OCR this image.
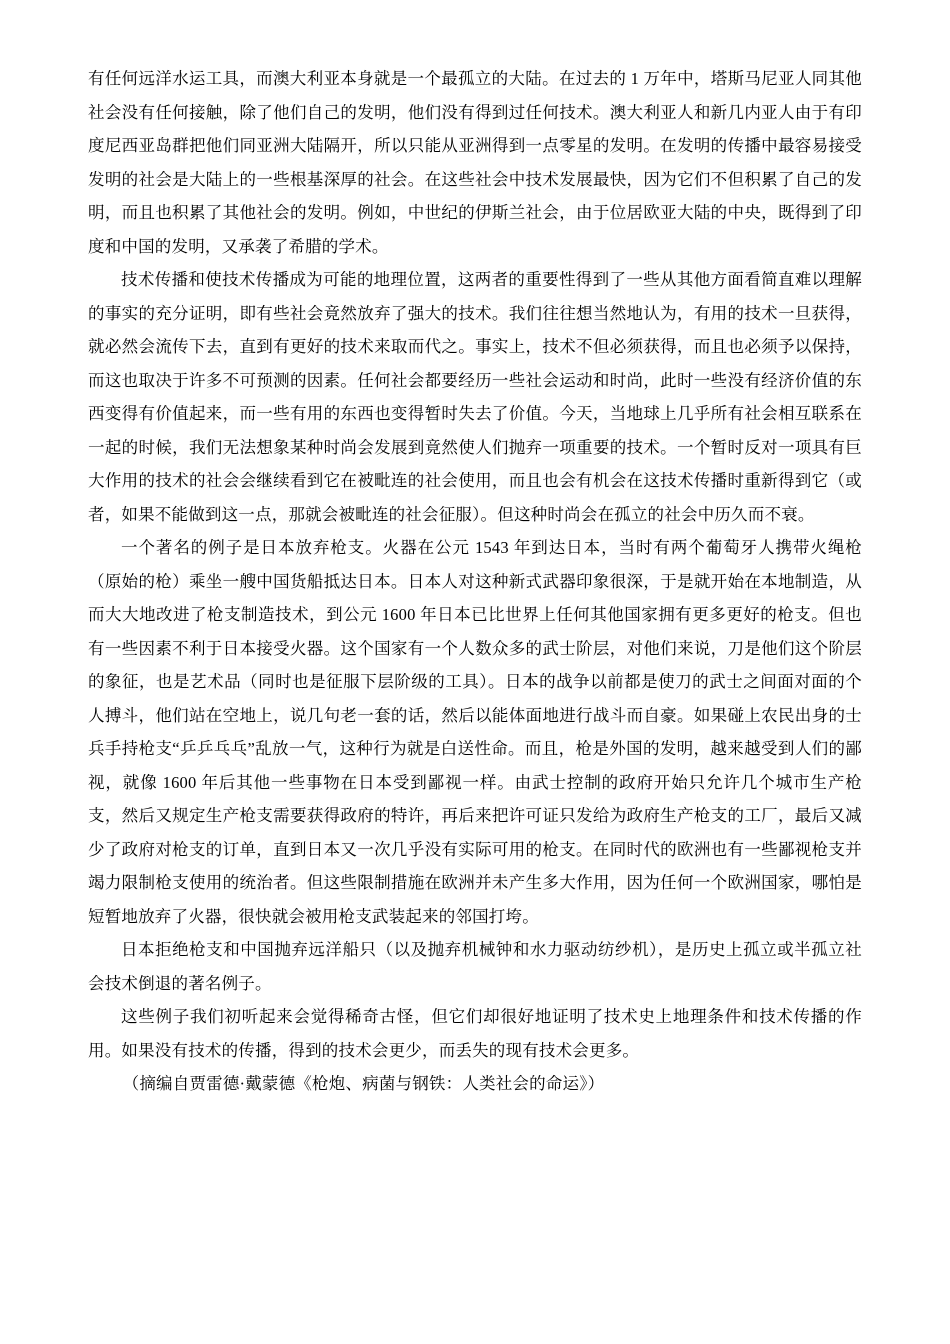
有任何远洋水运工具，而澳大利亚本身就是一个最孤立的大陆。在过去的 1 万年中，塔斯马尼亚人同其他社会没有任何接触，除了他们自己的发明，他们没有得到过任何技术。澳大利亚人和新几内亚人由于有印度尼西亚岛群把他们同亚洲大陆隔开，所以只能从亚洲得到一点零星的发明。在发明的传播中最容易接受发明的社会是大陆上的一些根基深厚的社会。在这些社会中技术发展最快，因为它们不但积累了自己的发明，而且也积累了其他社会的发明。例如，中世纪的伊斯兰社会，由于位居欧亚大陆的中央，既得到了印度和中国的发明，又承袭了希腊的学术。

技术传播和使技术传播成为可能的地理位置，这两者的重要性得到了一些从其他方面看简直难以理解的事实的充分证明，即有些社会竟然放弃了强大的技术。我们往往想当然地认为，有用的技术一旦获得，就必然会流传下去，直到有更好的技术来取而代之。事实上，技术不但必须获得，而且也必须予以保持，而这也取决于许多不可预测的因素。任何社会都要经历一些社会运动和时尚，此时一些没有经济价值的东西变得有价值起来，而一些有用的东西也变得暂时失去了价值。今天，当地球上几乎所有社会相互联系在一起的时候，我们无法想象某种时尚会发展到竟然使人们抛弃一项重要的技术。一个暂时反对一项具有巨大作用的技术的社会会继续看到它在被毗连的社会使用，而且也会有机会在这技术传播时重新得到它（或者，如果不能做到这一点，那就会被毗连的社会征服）。但这种时尚会在孤立的社会中历久而不衰。

一个著名的例子是日本放弃枪支。火器在公元 1543 年到达日本，当时有两个葡萄牙人携带火绳枪（原始的枪）乘坐一艘中国货船抵达日本。日本人对这种新式武器印象很深，于是就开始在本地制造，从而大大地改进了枪支制造技术，到公元 1600 年日本已比世界上任何其他国家拥有更多更好的枪支。但也有一些因素不利于日本接受火器。这个国家有一个人数众多的武士阶层，对他们来说，刀是他们这个阶层的象征，也是艺术品（同时也是征服下层阶级的工具）。日本的战争以前都是使刀的武士之间面对面的个人搏斗，他们站在空地上，说几句老一套的话，然后以能体面地进行战斗而自豪。如果碰上农民出身的士兵手持枪支“乒乒乓乓”乱放一气，这种行为就是白送性命。而且，枪是外国的发明，越来越受到人们的鄙视，就像 1600 年后其他一些事物在日本受到鄙视一样。由武士控制的政府开始只允许几个城市生产枪支，然后又规定生产枪支需要获得政府的特许，再后来把许可证只发给为政府生产枪支的工厂，最后又减少了政府对枪支的订单，直到日本又一次几乎没有实际可用的枪支。在同时代的欧洲也有一些鄙视枪支并竭力限制枪支使用的统治者。但这些限制措施在欧洲并未产生多大作用，因为任何一个欧洲国家，哪怕是短暂地放弃了火器，很快就会被用枪支武装起来的邻国打垮。

日本拒绝枪支和中国抛弃远洋船只（以及抛弃机械钟和水力驱动纺纱机），是历史上孤立或半孤立社会技术倒退的著名例子。

这些例子我们初听起来会觉得稀奇古怪，但它们却很好地证明了技术史上地理条件和技术传播的作用。如果没有技术的传播，得到的技术会更少，而丢失的现有技术会更多。

（摘编自贾雷德·戴蒙德《枪炮、病菌与钢铁：人类社会的命运》）
